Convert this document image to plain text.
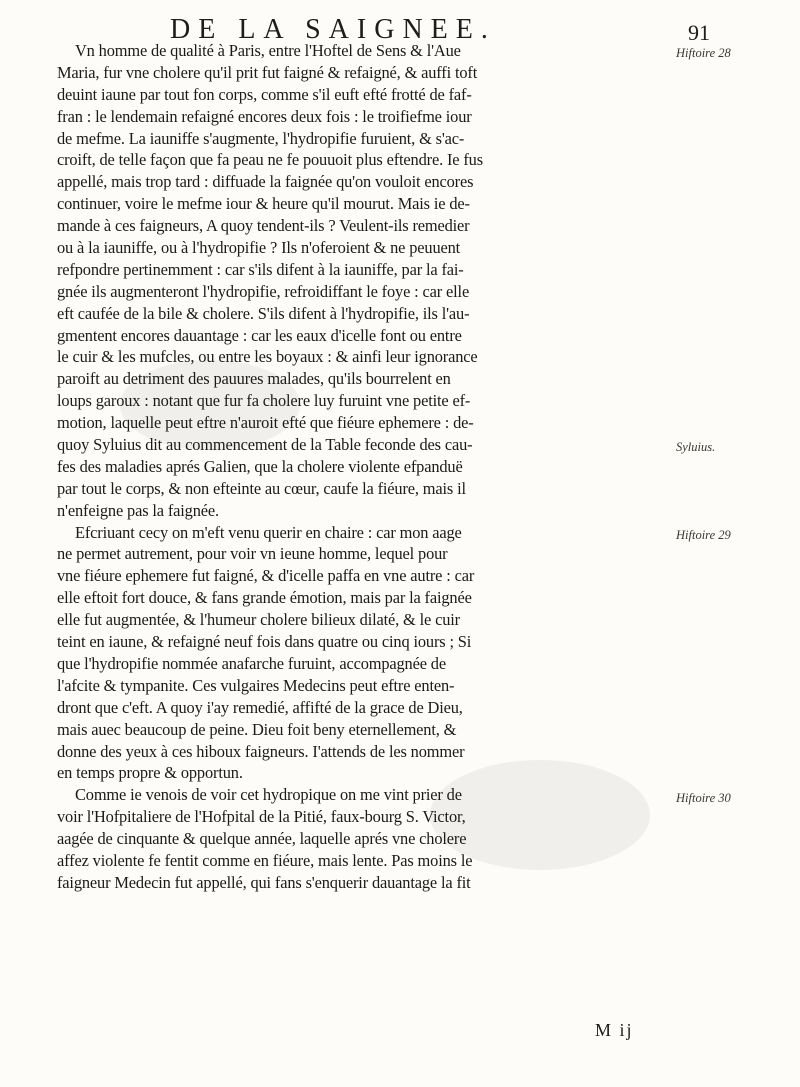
DE LA SAIGNEE.	91
Vn homme de qualité à Paris, entre l'Hoftel de Sens & l'Aue
Maria, fur vne cholere qu'il prit fut faigné & refaigné, & auffi toft
deuint iaune par tout fon corps, comme s'il euft efté frotté de faf-
fran : le lendemain refaigné encores deux fois : le troifiefme iour
de mefme. La iauniffe s'augmente, l'hydropifie furuient, & s'ac-
croift, de telle façon que fa peau ne fe pouuoit plus eftendre. Ie fus
appellé, mais trop tard : diffuade la faignée qu'on vouloit encores
continuer, voire le mefme iour & heure qu'il mourut. Mais ie de-
mande à ces faigneurs, A quoy tendent-ils ? Veulent-ils remedier
ou à la iauniffe, ou à l'hydropifie ? Ils n'oferoient & ne peuuent
refpondre pertinemment : car s'ils difent à la iauniffe, par la fai-
gnée ils augmenteront l'hydropifie, refroidiffant le foye : car elle
eft caufée de la bile & cholere. S'ils difent à l'hydropifie, ils l'au-
gmentent encores dauantage : car les eaux d'icelle font ou entre
le cuir & les mufcles, ou entre les boyaux : & ainfi leur ignorance
paroift au detriment des pauures malades, qu'ils bourrelent en
loups garoux : notant que fur fa cholere luy furuint vne petite ef-
motion, laquelle peut eftre n'auroit efté que fiéure ephemere : de-
quoy Syluius dit au commencement de la Table feconde des cau-
fes des maladies aprés Galien, que la cholere violente efpanduë
par tout le corps, & non efteinte au cœur, caufe la fiéure, mais il
n'enfeigne pas la faignée.
Efcriuant cecy on m'eft venu querir en chaire : car mon aage
ne permet autrement, pour voir vn ieune homme, lequel pour
vne fiéure ephemere fut faigné, & d'icelle paffa en vne autre : car
elle eftoit fort douce, & fans grande émotion, mais par la faignée
elle fut augmentée, & l'humeur cholere bilieux dilaté, & le cuir
teint en iaune, & refaigné neuf fois dans quatre ou cinq iours ; Si
que l'hydropifie nommée anafarche furuint, accompagnée de
l'afcite & tympanite. Ces vulgaires Medecins peut eftre enten-
dront que c'eft. A quoy i'ay remedié, affifté de la grace de Dieu,
mais auec beaucoup de peine. Dieu foit beny eternellement, &
donne des yeux à ces hiboux faigneurs. I'attends de les nommer
en temps propre & opportun.
Comme ie venois de voir cet hydropique on me vint prier de
voir l'Hofpitaliere de l'Hofpital de la Pitié, faux-bourg S. Victor,
aagée de cinquante & quelque année, laquelle aprés vne cholere
affez violente fe fentit comme en fiéure, mais lente. Pas moins le
faigneur Medecin fut appellé, qui fans s'enquerir dauantage la fit
Hiftoire 28
Syluius.
Hiftoire 29
Hiftoire 30
M ij
